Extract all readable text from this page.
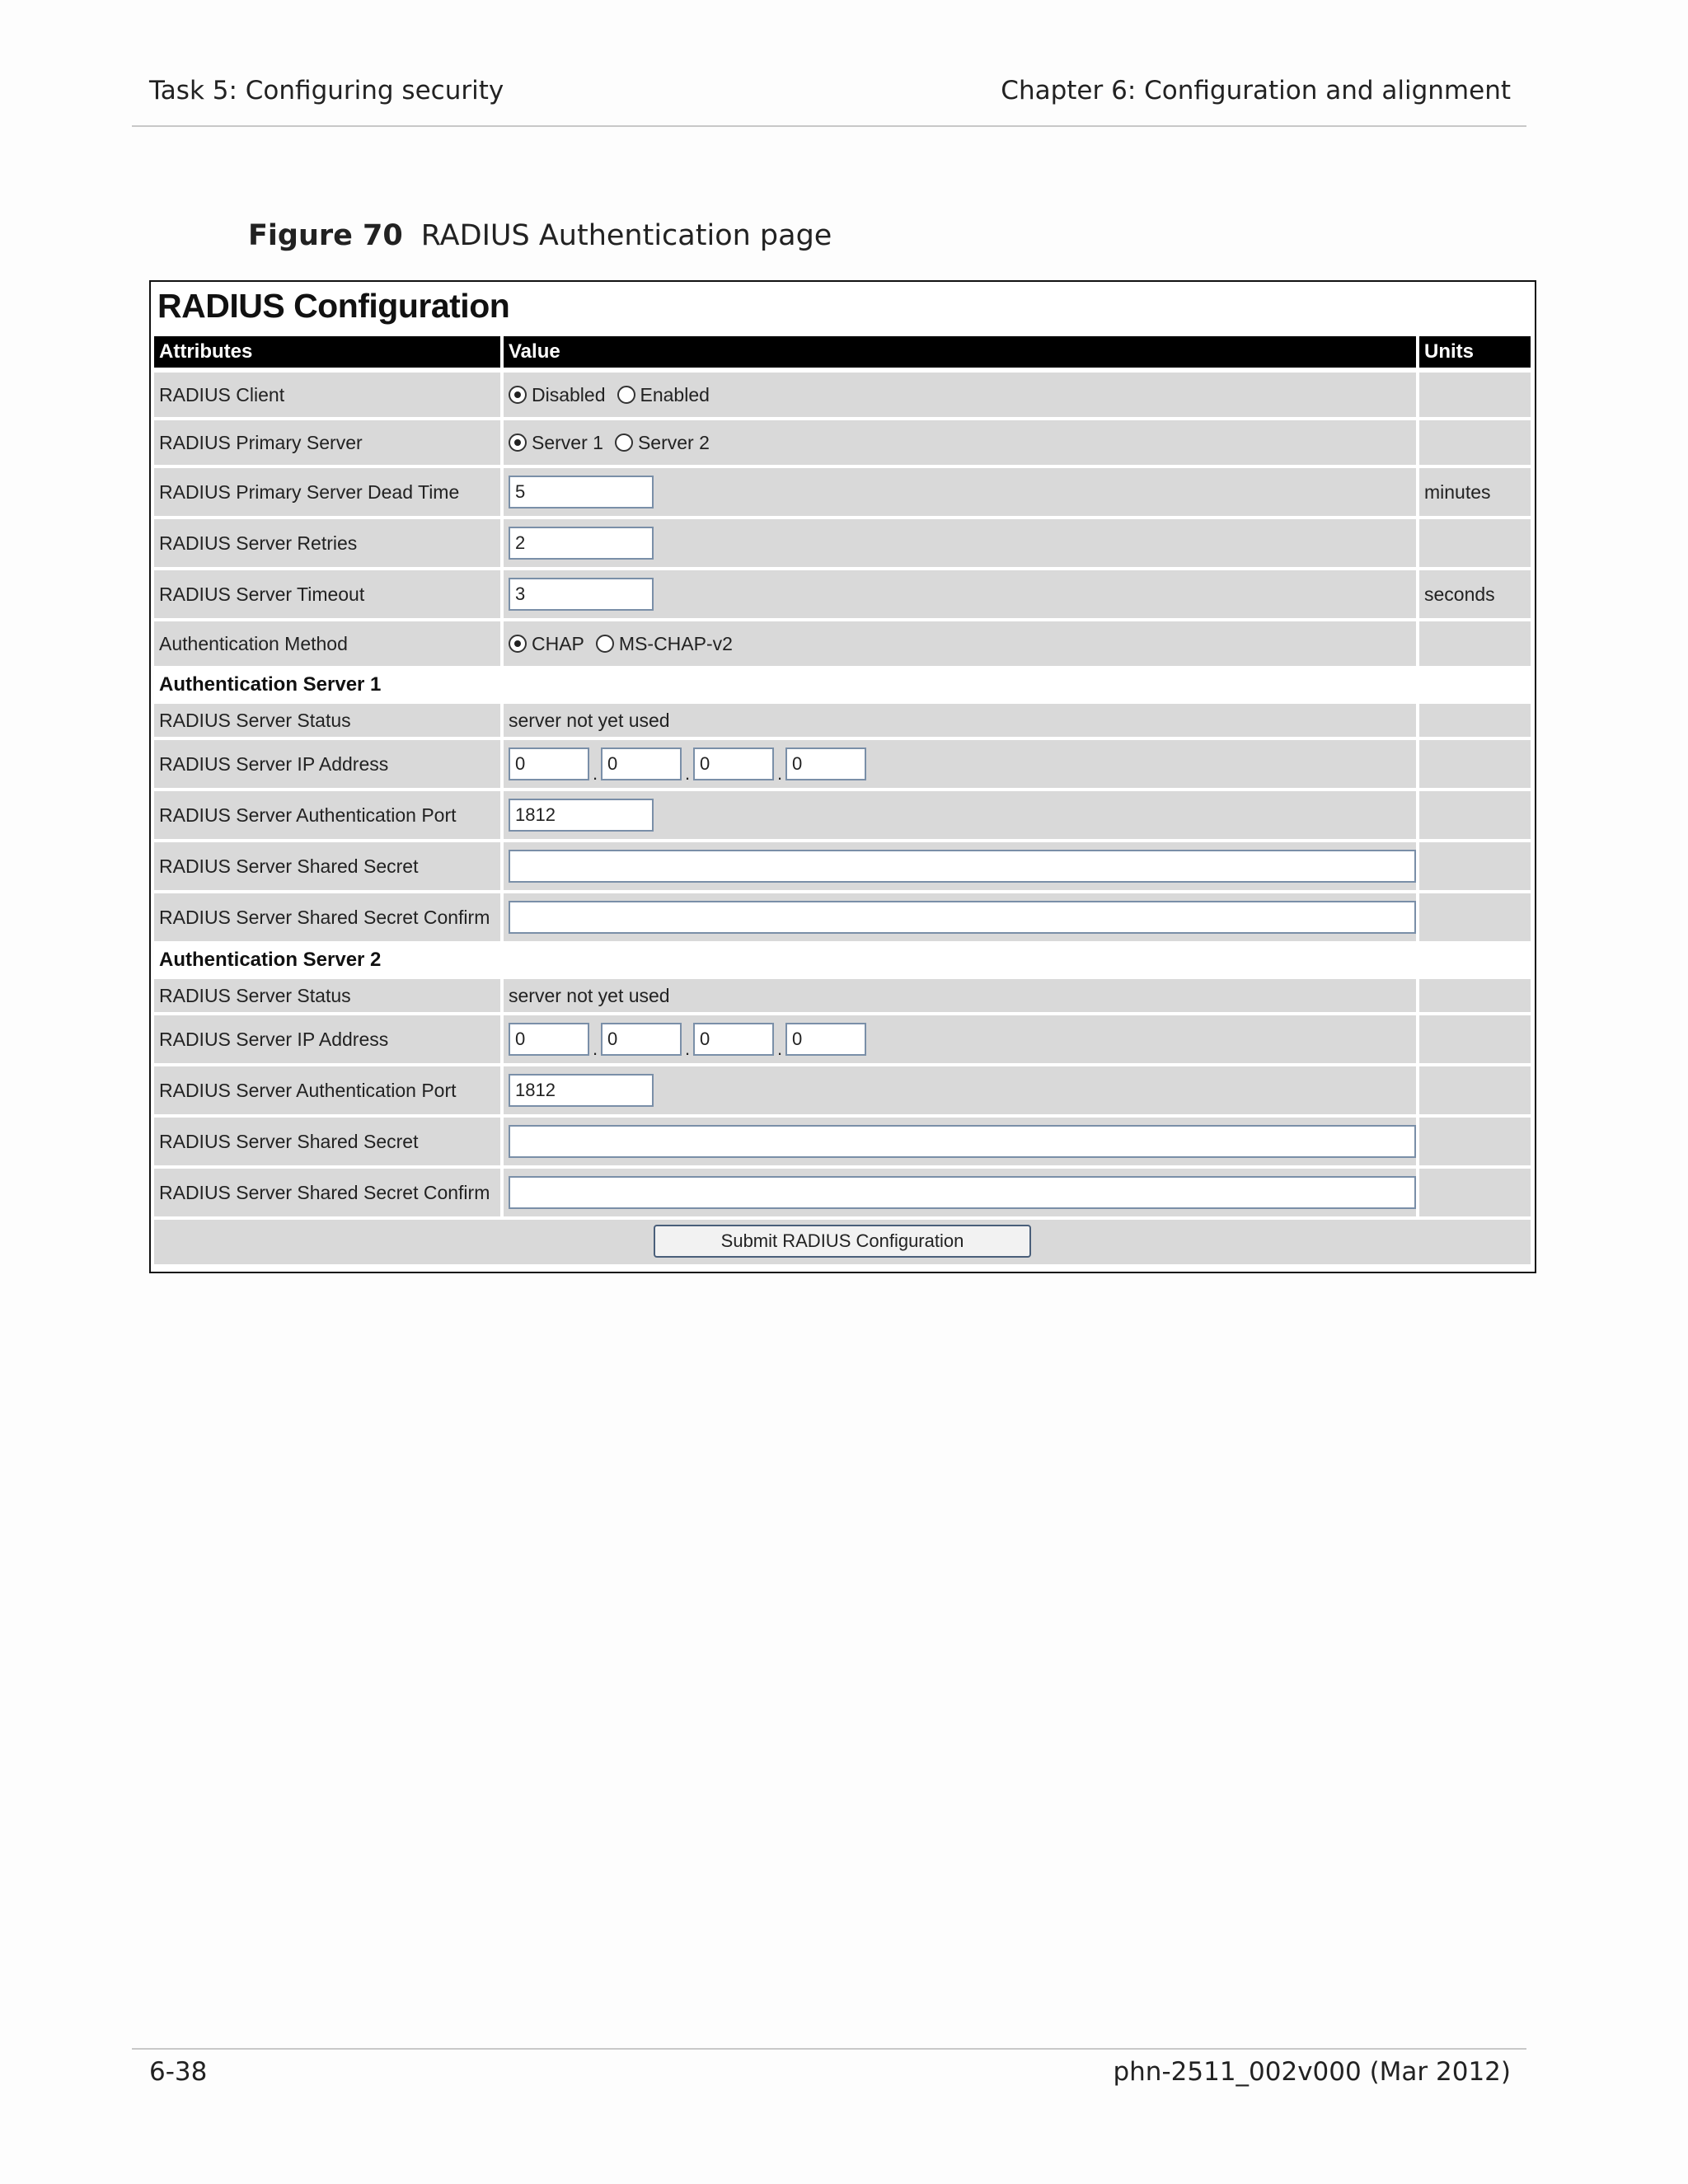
Task 5: Configuring security	Chapter 6: Configuration and alignment
Figure 70 RADIUS Authentication page
RADIUS Configuration
Attributes	Value	Units
RADIUS Client	Disabled Enabled
RADIUS Primary Server	Server 1 Server 2
RADIUS Primary Server Dead Time	5	minutes
RADIUS Server Retries	2
RADIUS Server Timeout	3	seconds
Authentication Method	CHAP MS-CHAP-v2
Authentication Server 1
RADIUS Server Status	server not yet used
RADIUS Server IP Address	0	. 0	. 0	. 0
RADIUS Server Authentication Port	1812
RADIUS Server Shared Secret
RADIUS Server Shared Secret Confirm
Authentication Server 2
RADIUS Server Status	server not yet used
RADIUS Server IP Address	0	. 0	. 0	. 0
RADIUS Server Authentication Port	1812
RADIUS Server Shared Secret
RADIUS Server Shared Secret Confirm
Submit RADIUS Configuration
6-38	phn-2511_002v000 (Mar 2012)
